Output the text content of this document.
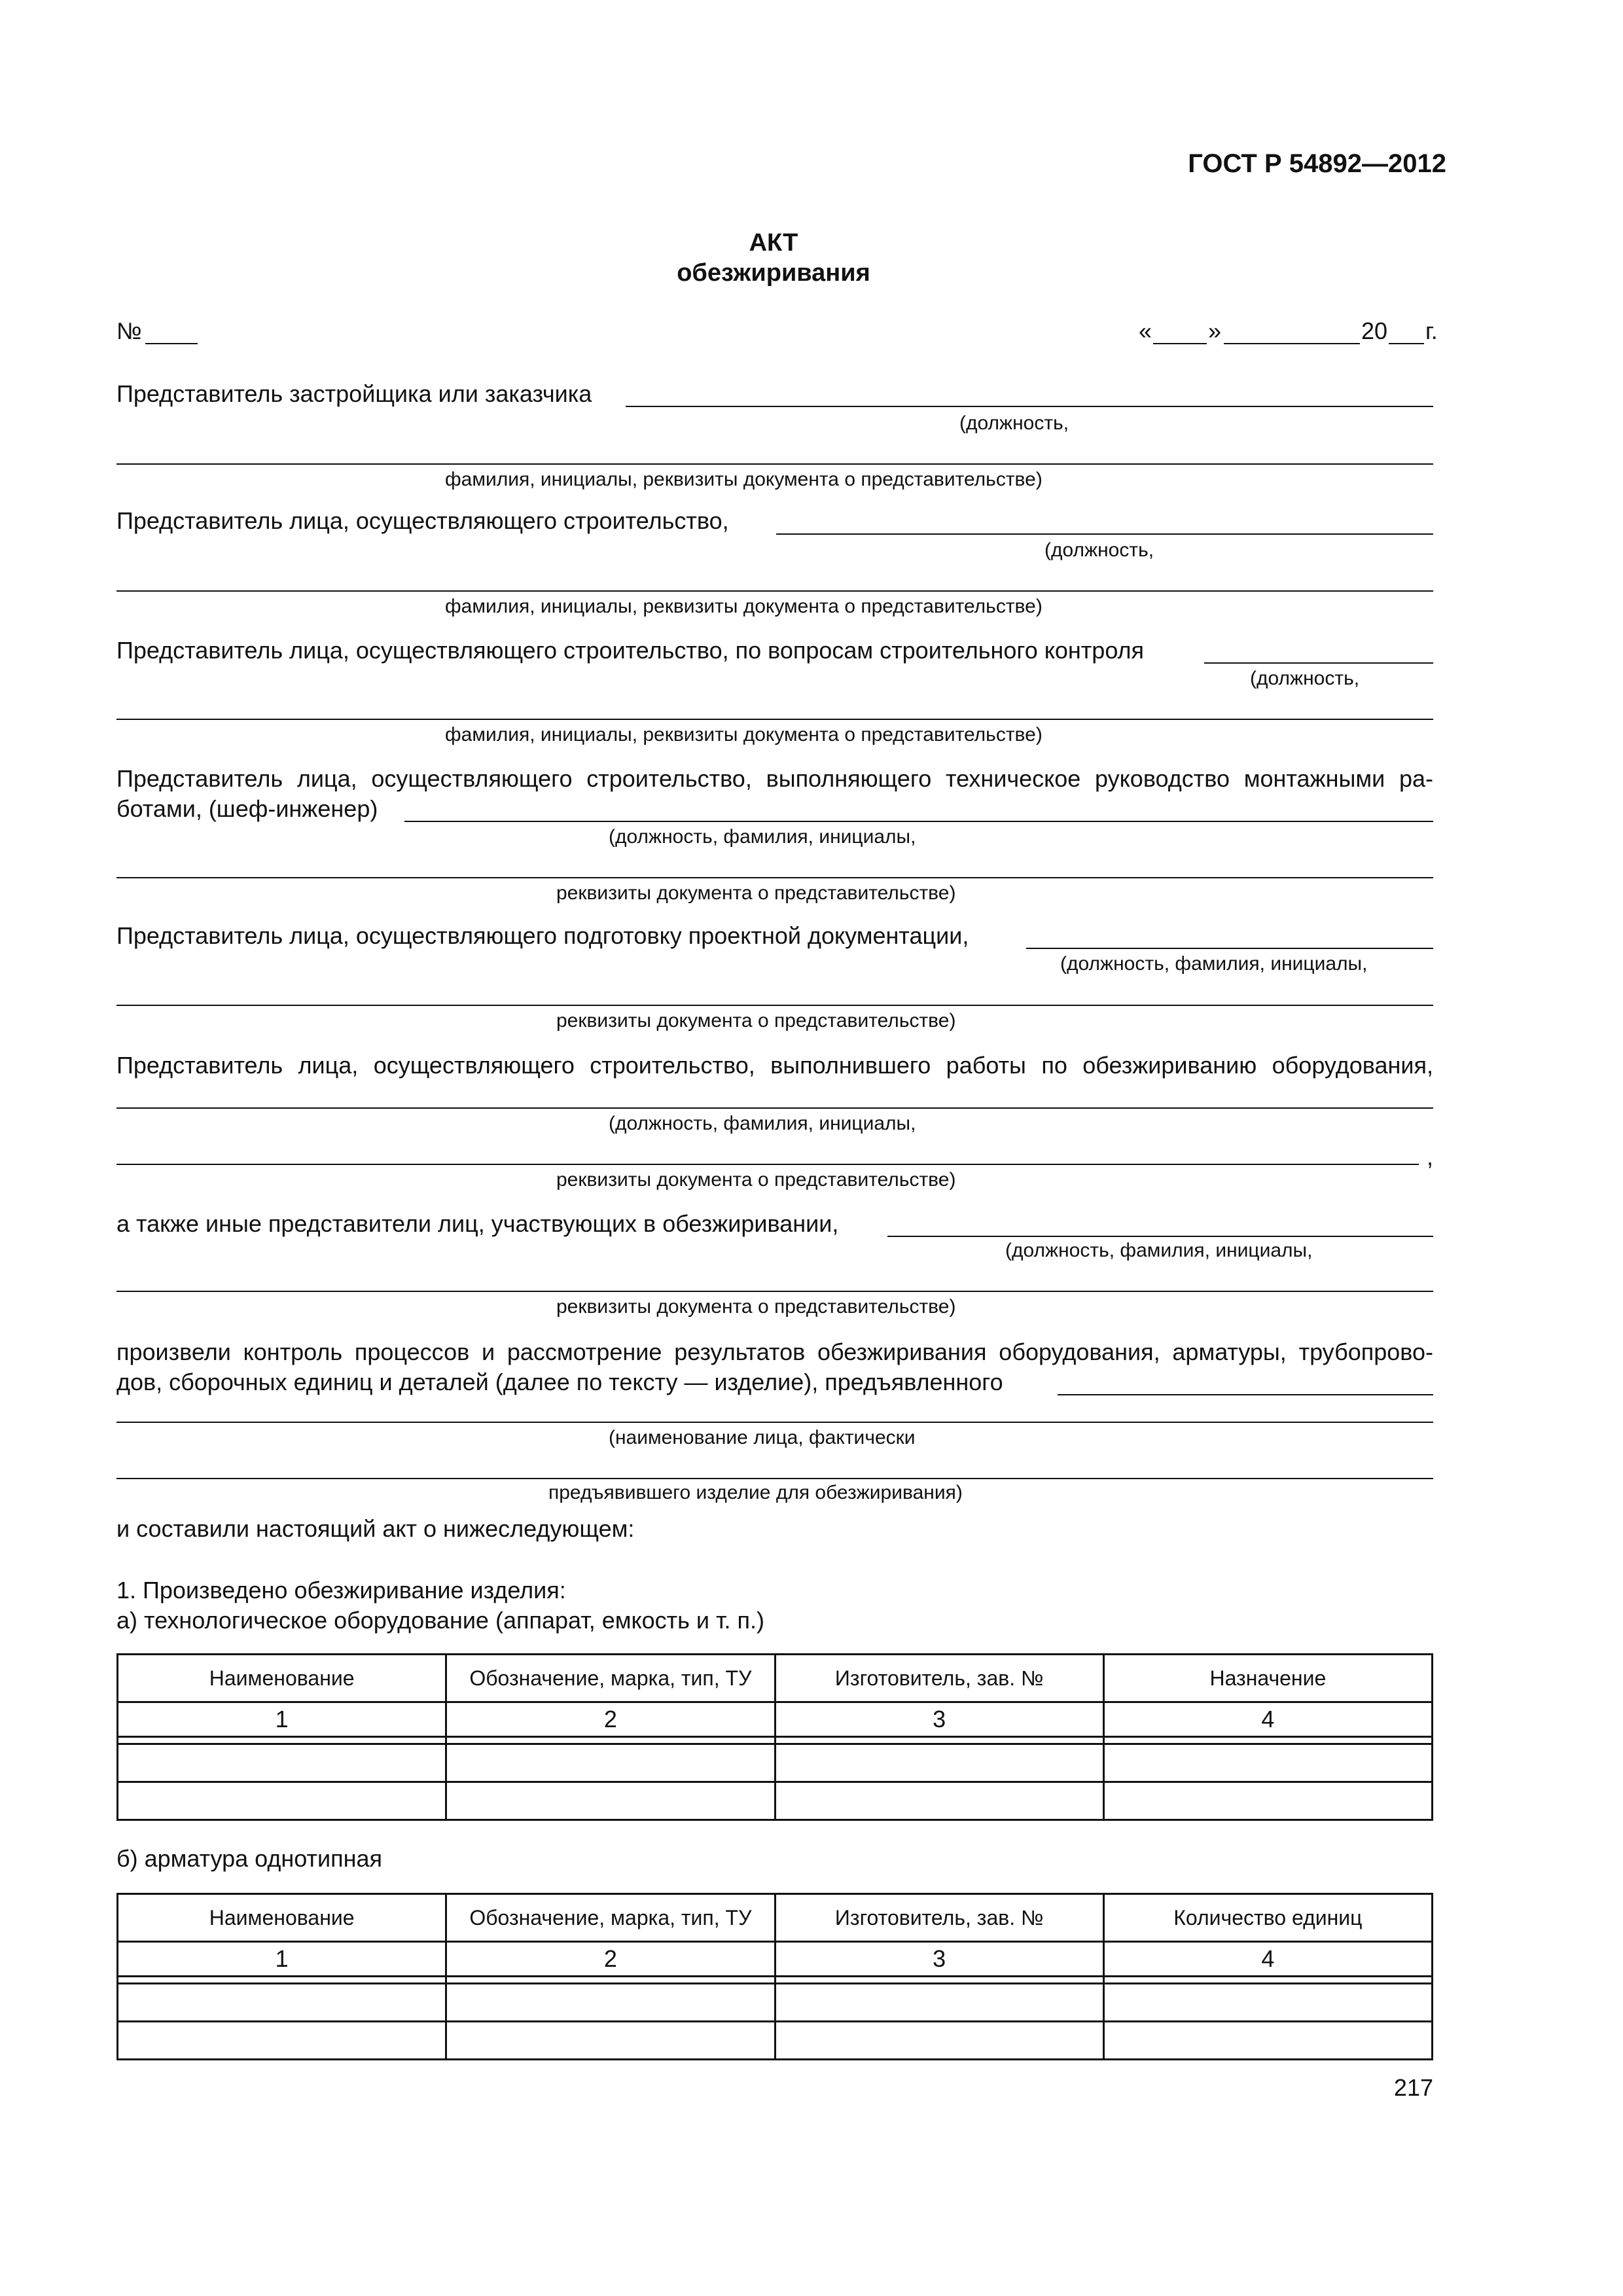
ГОСТ Р 54892—2012
АКТ
обезжиривания
№	« »	20 г.
Представитель застройщика или заказчика
(должность,
фамилия, инициалы, реквизиты документа о представительстве)
Представитель лица, осуществляющего строительство,
(должность,
фамилия, инициалы, реквизиты документа о представительстве)
Представитель лица, осуществляющего строительство, по вопросам строительного контроля
(должность,
фамилия, инициалы, реквизиты документа о представительстве)
Представитель лица, осуществляющего строительство, выполняющего техническое руководство монтажными ра-
ботами, (шеф-инженер)
(должность, фамилия, инициалы,
реквизиты документа о представительстве)
Представитель лица, осуществляющего подготовку проектной документации,
(должность, фамилия, инициалы,
реквизиты документа о представительстве)
Представитель лица, осуществляющего строительство, выполнившего работы по обезжириванию оборудования,
(должность, фамилия, инициалы,
,
реквизиты документа о представительстве)
а также иные представители лиц, участвующих в обезжиривании,
(должность, фамилия, инициалы,
реквизиты документа о представительстве)
произвели контроль процессов и рассмотрение результатов обезжиривания оборудования, арматуры, трубопрово-
дов, сборочных единиц и деталей (далее по тексту — изделие), предъявленного
(наименование лица, фактически
предъявившего изделие для обезжиривания)
и составили настоящий акт о нижеследующем:
1. Произведено обезжиривание изделия:
а) технологическое оборудование (аппарат, емкость и т. п.)
Наименование	Обозначение, марка, тип, ТУ	Изготовитель, зав. №	Назначение
1	2	3	4

б) арматура однотипная
Наименование	Обозначение, марка, тип, ТУ	Изготовитель, зав. №	Количество единиц
1	2	3	4

217
